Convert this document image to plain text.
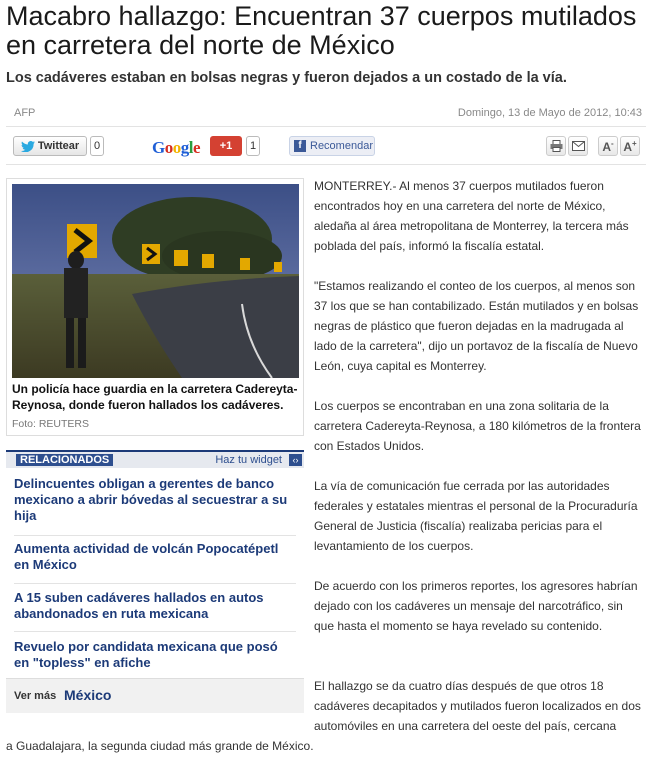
Macabro hallazgo: Encuentran 37 cuerpos mutilados en carretera del norte de México

Los cadáveres estaban en bolsas negras y fueron dejados a un costado de la vía.

AFP	Domingo, 13 de Mayo de 2012, 10:43
Twittear	0	Google +1	1	f Recomendar	A- A+
Un policía hace guardia en la carretera Cadereyta-Reynosa, donde fueron hallados los cadáveres.
Foto: REUTERS
RELACIONADOS	Haz tu widget	‹›
Delincuentes obligan a gerentes de banco mexicano a abrir bóvedas al secuestrar a su hija
Aumenta actividad de volcán Popocatépetl en México
A 15 suben cadáveres hallados en autos abandonados en ruta mexicana
Revuelo por candidata mexicana que posó en "topless" en afiche
Ver más México

MONTERREY.- Al menos 37 cuerpos mutilados fueron encontrados hoy en una carretera del norte de México, aledaña al área metropolitana de Monterrey, la tercera más poblada del país, informó la fiscalía estatal.

"Estamos realizando el conteo de los cuerpos, al menos son 37 los que se han contabilizado. Están mutilados y en bolsas negras de plástico que fueron dejadas en la madrugada al lado de la carretera", dijo un portavoz de la fiscalía de Nuevo León, cuya capital es Monterrey.

Los cuerpos se encontraban en una zona solitaria de la carretera Cadereyta-Reynosa, a 180 kilómetros de la frontera con Estados Unidos.

La vía de comunicación fue cerrada por las autoridades federales y estatales mientras el personal de la Procuraduría General de Justicia (fiscalía) realizaba pericias para el levantamiento de los cuerpos.

De acuerdo con los primeros reportes, los agresores habrían dejado con los cadáveres un mensaje del narcotráfico, sin que hasta el momento se haya revelado su contenido.

El hallazgo se da cuatro días después de que otros 18 cadáveres decapitados y mutilados fueron localizados en dos automóviles en una carretera del oeste del país, cercana

a Guadalajara, la segunda ciudad más grande de México.
